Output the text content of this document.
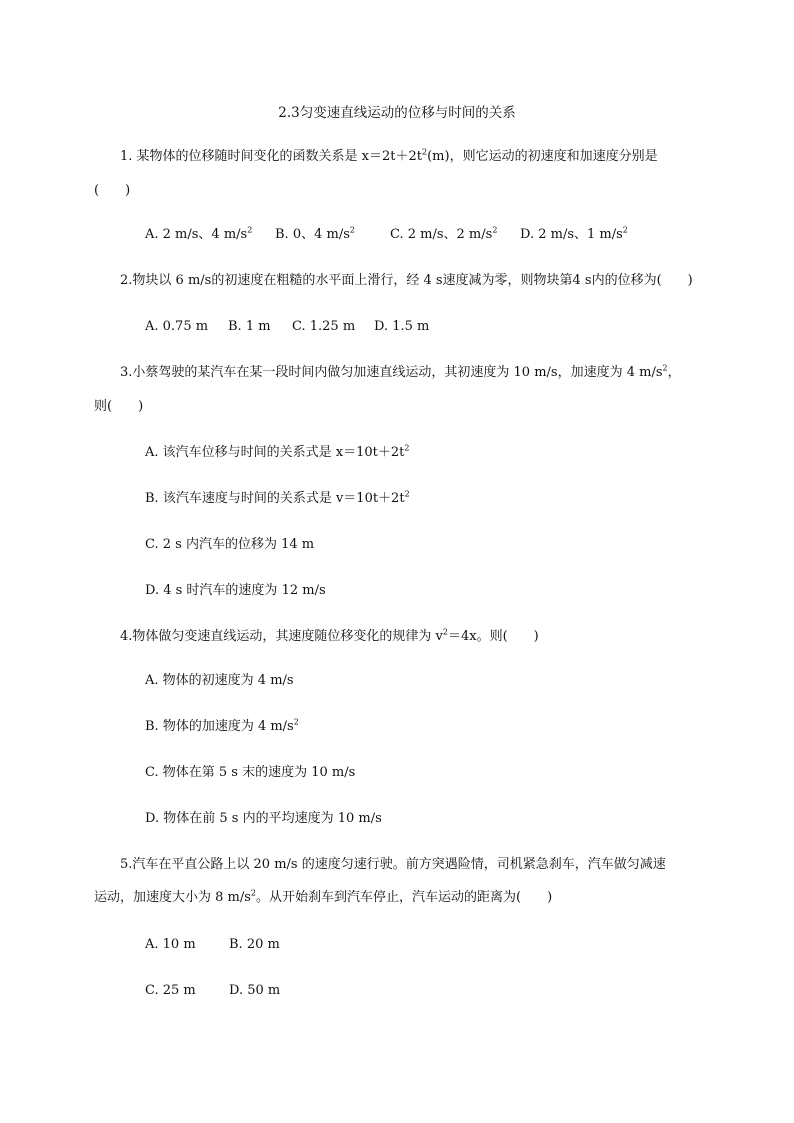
2.3匀变速直线运动的位移与时间的关系
1. 某物体的位移随时间变化的函数关系是 $x=2t+2t^2(m)$，则它运动的初速度和加速度分别是
(　　)
A. 2 m/s、4 $m/s^2$ B. 0、4 $m/s^2$	C. 2 m/s、2 $m/s^2$ D. 2 m/s、1 $m/s^2$
2.物块以 6 m/s的初速度在粗糙的水平面上滑行，经 4 s速度减为零，则物块第4 s内的位移为(　　)
A. 0.75 m B. 1 m C. 1.25 m D. 1.5 m
3.小蔡驾驶的某汽车在某一段时间内做匀加速直线运动，其初速度为 10 m/s，加速度为 4 $m/s^2$，
则(　　)
A. 该汽车位移与时间的关系式是 $x=10t+2t^2$
B. 该汽车速度与时间的关系式是 $v=10t+2t^2$
C. 2 s 内汽车的位移为 14 m
D. 4 s 时汽车的速度为 12 m/s
4.物体做匀变速直线运动，其速度随位移变化的规律为 $v^2=4x$。则(　　)
A. 物体的初速度为 4 m/s
B. 物体的加速度为 4 $m/s^2$
C. 物体在第 5 s 末的速度为 10 m/s
D. 物体在前 5 s 内的平均速度为 10 m/s
5.汽车在平直公路上以 20 m/s 的速度匀速行驶。前方突遇险情，司机紧急刹车，汽车做匀减速
运动，加速度大小为 8 $m/s^2$。从开始刹车到汽车停止，汽车运动的距离为(　　)
A. 10 m	B. 20 m
C. 25 m	D. 50 m
